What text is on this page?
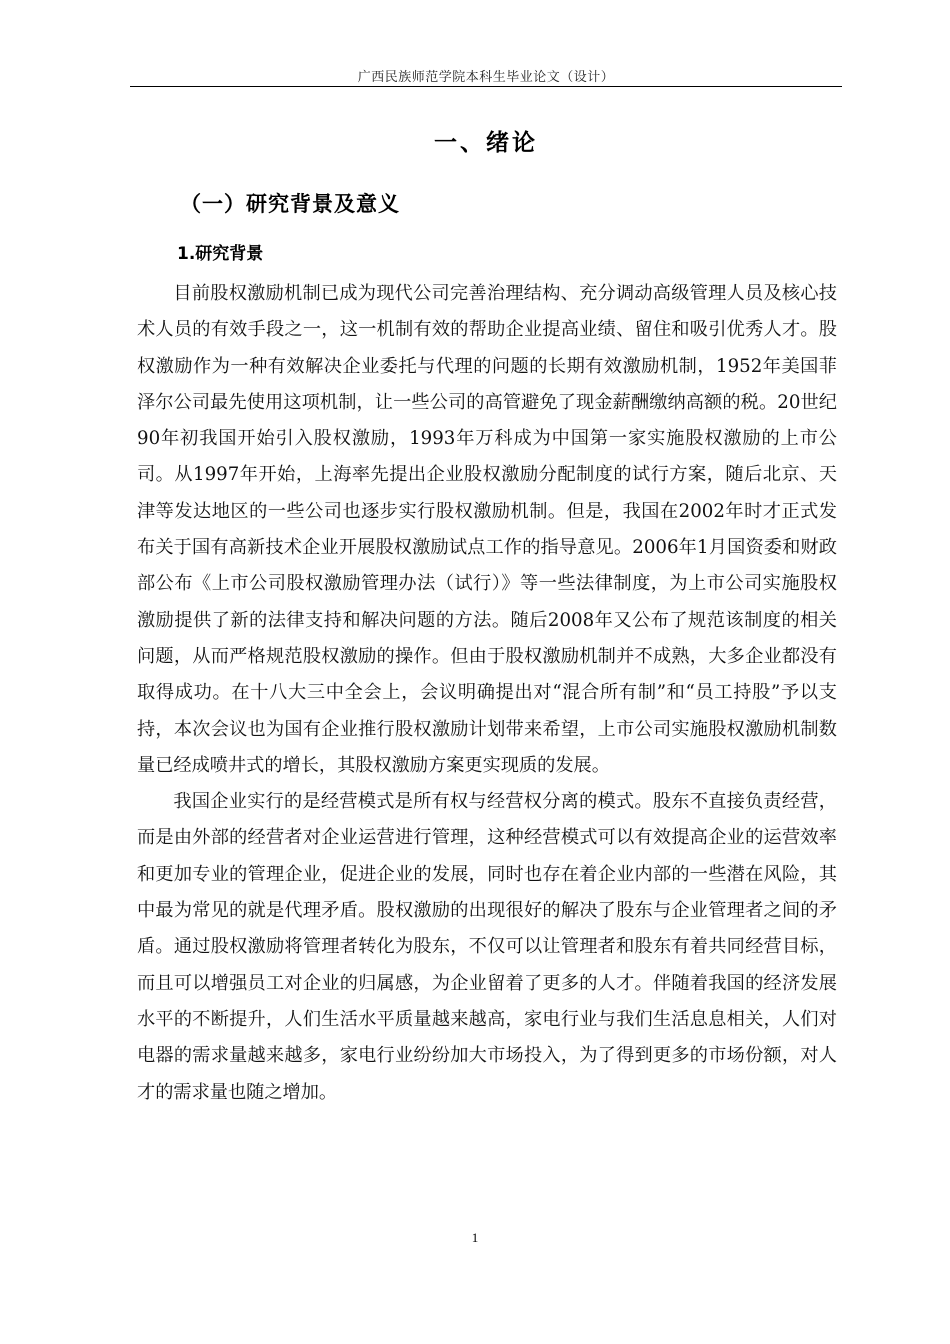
广西民族师范学院本科生毕业论文（设计）
一、绪论
（一）研究背景及意义
1.研究背景

目前股权激励机制已成为现代公司完善治理结构、充分调动高级管理人员及核心技术人员的有效手段之一，这一机制有效的帮助企业提高业绩、留住和吸引优秀人才。股权激励作为一种有效解决企业委托与代理的问题的长期有效激励机制，1952年美国菲泽尔公司最先使用这项机制，让一些公司的高管避免了现金薪酬缴纳高额的税。20世纪90年初我国开始引入股权激励，1993年万科成为中国第一家实施股权激励的上市公司。从1997年开始，上海率先提出企业股权激励分配制度的试行方案，随后北京、天津等发达地区的一些公司也逐步实行股权激励机制。但是，我国在2002年时才正式发布关于国有高新技术企业开展股权激励试点工作的指导意见。2006年1月国资委和财政部公布《上市公司股权激励管理办法（试行）》等一些法律制度，为上市公司实施股权激励提供了新的法律支持和解决问题的方法。随后2008年又公布了规范该制度的相关问题，从而严格规范股权激励的操作。但由于股权激励机制并不成熟，大多企业都没有取得成功。在十八大三中全会上，会议明确提出对“混合所有制”和“员工持股”予以支持，本次会议也为国有企业推行股权激励计划带来希望，上市公司实施股权激励机制数量已经成喷井式的增长，其股权激励方案更实现质的发展。

我国企业实行的是经营模式是所有权与经营权分离的模式。股东不直接负责经营，而是由外部的经营者对企业运营进行管理，这种经营模式可以有效提高企业的运营效率和更加专业的管理企业，促进企业的发展，同时也存在着企业内部的一些潜在风险，其中最为常见的就是代理矛盾。股权激励的出现很好的解决了股东与企业管理者之间的矛盾。通过股权激励将管理者转化为股东，不仅可以让管理者和股东有着共同经营目标，而且可以增强员工对企业的归属感，为企业留着了更多的人才。伴随着我国的经济发展水平的不断提升，人们生活水平质量越来越高，家电行业与我们生活息息相关，人们对电器的需求量越来越多，家电行业纷纷加大市场投入，为了得到更多的市场份额，对人才的需求量也随之增加。

1
